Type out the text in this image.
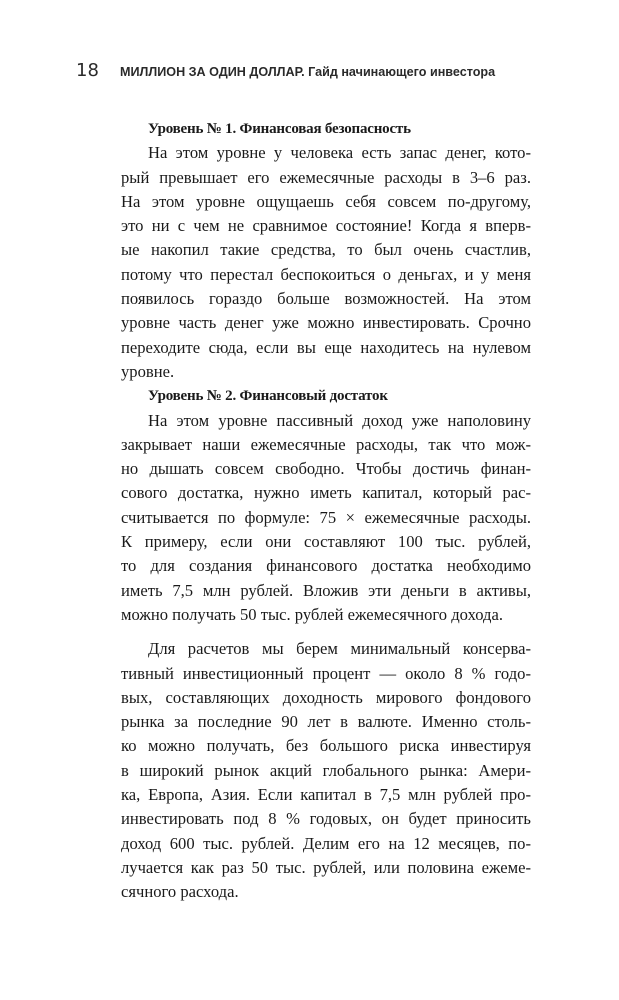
18	МИЛЛИОН ЗА ОДИН ДОЛЛАР. Гайд начинающего инвестора
Уровень № 1. Финансовая безопасность
На этом уровне у человека есть запас денег, кото-
рый превышает его ежемесячные расходы в 3–6 раз.
На этом уровне ощущаешь себя совсем по-другому,
это ни с чем не сравнимое состояние! Когда я вперв-
ые накопил такие средства, то был очень счастлив,
потому что перестал беспокоиться о деньгах, и у меня
появилось гораздо больше возможностей. На этом
уровне часть денег уже можно инвестировать. Срочно
переходите сюда, если вы еще находитесь на нулевом
уровне.
Уровень № 2. Финансовый достаток
На этом уровне пассивный доход уже наполовину
закрывает наши ежемесячные расходы, так что мож-
но дышать совсем свободно. Чтобы достичь финан-
сового достатка, нужно иметь капитал, который рас-
считывается по формуле: 75 × ежемесячные расходы.
К примеру, если они составляют 100 тыс. рублей,
то для создания финансового достатка необходимо
иметь 7,5 млн рублей. Вложив эти деньги в активы,
можно получать 50 тыс. рублей ежемесячного дохода.
Для расчетов мы берем минимальный консерва-
тивный инвестиционный процент — около 8 % годо-
вых, составляющих доходность мирового фондового
рынка за последние 90 лет в валюте. Именно столь-
ко можно получать, без большого риска инвестируя
в широкий рынок акций глобального рынка: Амери-
ка, Европа, Азия. Если капитал в 7,5 млн рублей про-
инвестировать под 8 % годовых, он будет приносить
доход 600 тыс. рублей. Делим его на 12 месяцев, по-
лучается как раз 50 тыс. рублей, или половина ежеме-
сячного расхода.
